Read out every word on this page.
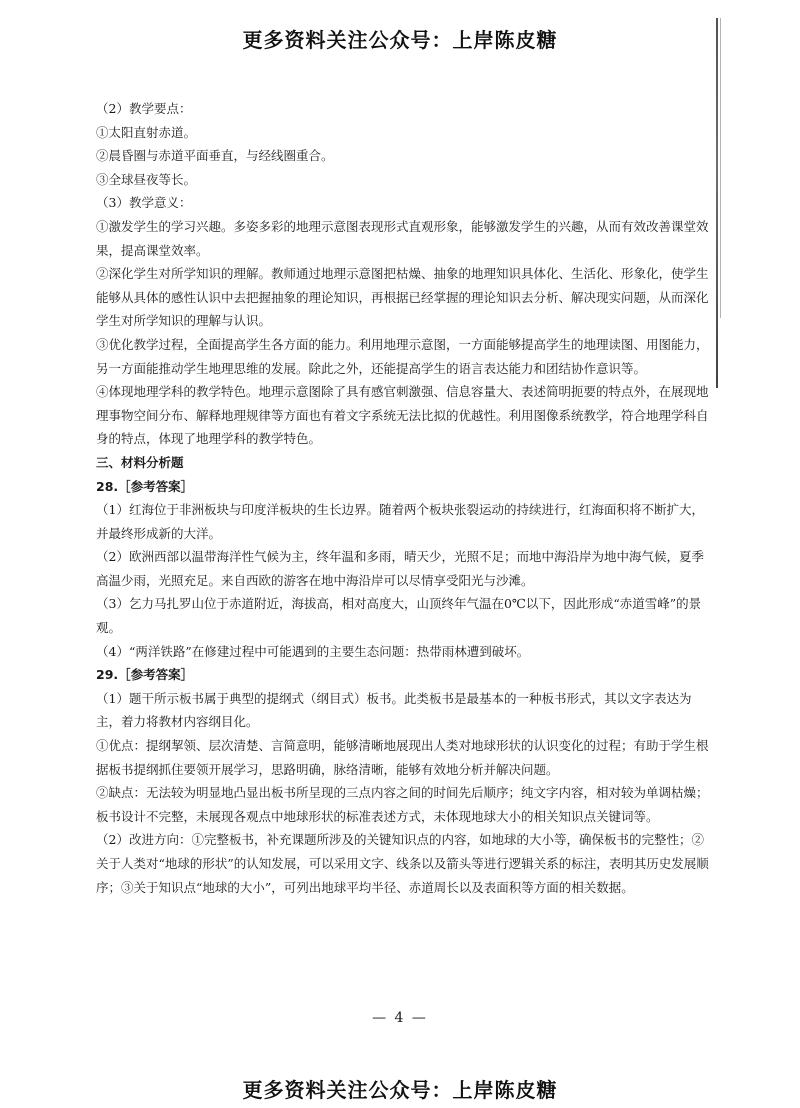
更多资料关注公众号：上岸陈皮糖

（2）教学要点：

①太阳直射赤道。

②晨昏圈与赤道平面垂直，与经线圈重合。

③全球昼夜等长。

（3）教学意义：

①激发学生的学习兴趣。多姿多彩的地理示意图表现形式直观形象，能够激发学生的兴趣，从而有效改善课堂效果，提高课堂效率。

②深化学生对所学知识的理解。教师通过地理示意图把枯燥、抽象的地理知识具体化、生活化、形象化，使学生能够从具体的感性认识中去把握抽象的理论知识，再根据已经掌握的理论知识去分析、解决现实问题，从而深化学生对所学知识的理解与认识。

③优化教学过程，全面提高学生各方面的能力。利用地理示意图，一方面能够提高学生的地理读图、用图能力，另一方面能推动学生地理思维的发展。除此之外，还能提高学生的语言表达能力和团结协作意识等。

④体现地理学科的教学特色。地理示意图除了具有感官刺激强、信息容量大、表述简明扼要的特点外，在展现地理事物空间分布、解释地理规律等方面也有着文字系统无法比拟的优越性。利用图像系统教学，符合地理学科自身的特点，体现了地理学科的教学特色。

三、材料分析题

28.［参考答案］

（1）红海位于非洲板块与印度洋板块的生长边界。随着两个板块张裂运动的持续进行，红海面积将不断扩大，并最终形成新的大洋。

（2）欧洲西部以温带海洋性气候为主，终年温和多雨，晴天少，光照不足；而地中海沿岸为地中海气候，夏季高温少雨，光照充足。来自西欧的游客在地中海沿岸可以尽情享受阳光与沙滩。

（3）乞力马扎罗山位于赤道附近，海拔高，相对高度大，山顶终年气温在0℃以下，因此形成“赤道雪峰”的景观。

（4）“两洋铁路”在修建过程中可能遇到的主要生态问题：热带雨林遭到破坏。

29.［参考答案］

（1）题干所示板书属于典型的提纲式（纲目式）板书。此类板书是最基本的一种板书形式，其以文字表达为主，着力将教材内容纲目化。

①优点：提纲挈领、层次清楚、言简意明，能够清晰地展现出人类对地球形状的认识变化的过程；有助于学生根据板书提纲抓住要领开展学习，思路明确，脉络清晰，能够有效地分析并解决问题。

②缺点：无法较为明显地凸显出板书所呈现的三点内容之间的时间先后顺序；纯文字内容，相对较为单调枯燥；板书设计不完整，未展现各观点中地球形状的标准表述方式，未体现地球大小的相关知识点关键词等。

（2）改进方向：①完整板书，补充课题所涉及的关键知识点的内容，如地球的大小等，确保板书的完整性；②关于人类对“地球的形状”的认知发展，可以采用文字、线条以及箭头等进行逻辑关系的标注，表明其历史发展顺序；③关于知识点“地球的大小”，可列出地球平均半径、赤道周长以及表面积等方面的相关数据。

— 4 —
更多资料关注公众号：上岸陈皮糖
